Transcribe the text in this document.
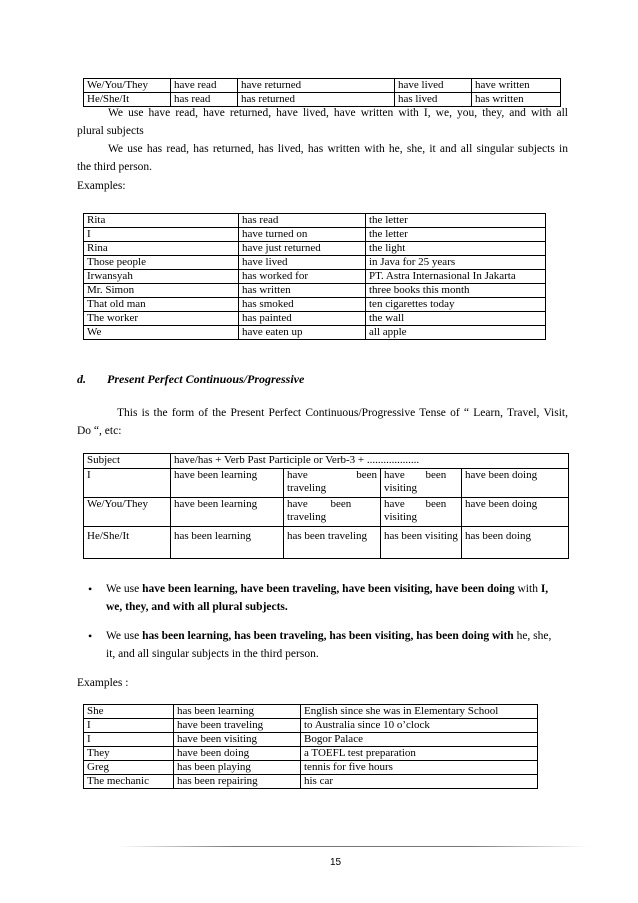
We/You/They	have read	have returned	have lived	have written
He/She/It	has read	has returned	has lived	has written
We use have read, have returned, have lived, have written with I, we, you, they, and with all
plural subjects
We use has read, has returned, has lived, has written with he, she, it and all singular subjects in
the third person.
Examples:
Rita	has read	the letter
I	have turned on	the letter
Rina	have just returned	the light
Those people	have lived	in Java for 25 years
Irwansyah	has worked for	PT. Astra Internasional In Jakarta
Mr. Simon	has written	three books this month
That old man	has smoked	ten cigarettes today
The worker	has painted	the wall
We	have eaten up	all apple
d. Present Perfect Continuous/Progressive
This is the form of the Present Perfect Continuous/Progressive Tense of “ Learn, Travel, Visit,
Do “, etc:
Subject	have/has + Verb Past Participle or Verb-3 + ...................			
I	have been learning	have been traveling	have been visiting	have been doing
We/You/They	have been learning	have been traveling	have been visiting	have been doing
He/She/It	has been learning	has been traveling	has been visiting	has been doing
• We use have been learning, have been traveling, have been visiting, have been doing with I,
we, they, and with all plural subjects.
• We use has been learning, has been traveling, has been visiting, has been doing with he, she,
it, and all singular subjects in the third person.
Examples :
She	has been learning	English since she was in Elementary School
I	have been traveling	to Australia since 10 o’clock
I	have been visiting	Bogor Palace
They	have been doing	a TOEFL test preparation
Greg	has been playing	tennis for five hours
The mechanic	has been repairing	his car
15
